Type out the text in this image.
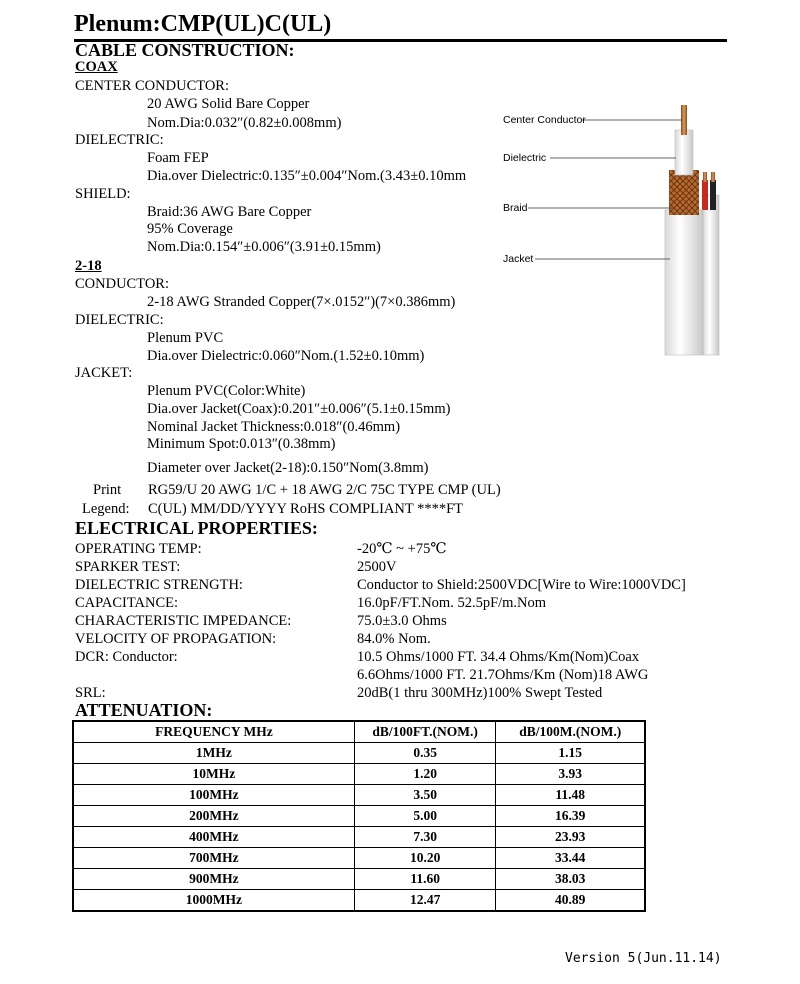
Plenum:CMP(UL)C(UL)
CABLE CONSTRUCTION:
COAX
CENTER CONDUCTOR:
20 AWG Solid Bare Copper
Nom.Dia:0.032″(0.82±0.008mm)
DIELECTRIC:
Foam FEP
Dia.over Dielectric:0.135″±0.004″Nom.(3.43±0.10mm
SHIELD:
Braid:36 AWG Bare Copper
95% Coverage
Nom.Dia:0.154″±0.006″(3.91±0.15mm)
2-18
CONDUCTOR:
2-18 AWG Stranded Copper(7×.0152″)(7×0.386mm)
DIELECTRIC:
Plenum PVC
Dia.over Dielectric:0.060″Nom.(1.52±0.10mm)
JACKET:
Plenum PVC(Color:White)
Dia.over Jacket(Coax):0.201″±0.006″(5.1±0.15mm)
Nominal Jacket Thickness:0.018″(0.46mm)
Minimum Spot:0.013″(0.38mm)
Diameter over Jacket(2-18):0.150″Nom(3.8mm)
Print RG59/U 20 AWG 1/C + 18 AWG 2/C 75C TYPE CMP (UL)
Legend: C(UL) MM/DD/YYYY RoHS COMPLIANT ****FT
Center Conductor
Dielectric
Braid
Jacket
ELECTRICAL PROPERTIES:
OPERATING TEMP:	-20℃ ~ +75℃
SPARKER TEST:	2500V
DIELECTRIC STRENGTH:	Conductor to Shield:2500VDC[Wire to Wire:1000VDC]
CAPACITANCE:	16.0pF/FT.Nom. 52.5pF/m.Nom
CHARACTERISTIC IMPEDANCE:	75.0±3.0 Ohms
VELOCITY OF PROPAGATION:	84.0% Nom.
DCR: Conductor:	10.5 Ohms/1000 FT. 34.4 Ohms/Km(Nom)Coax
6.6Ohms/1000 FT. 21.7Ohms/Km (Nom)18 AWG
SRL:	20dB(1 thru 300MHz)100% Swept Tested
ATTENUATION:
FREQUENCY MHz	dB/100FT.(NOM.)	dB/100M.(NOM.)
1MHz	0.35	1.15
10MHz	1.20	3.93
100MHz	3.50	11.48
200MHz	5.00	16.39
400MHz	7.30	23.93
700MHz	10.20	33.44
900MHz	11.60	38.03
1000MHz	12.47	40.89
Version 5(Jun.11.14)
